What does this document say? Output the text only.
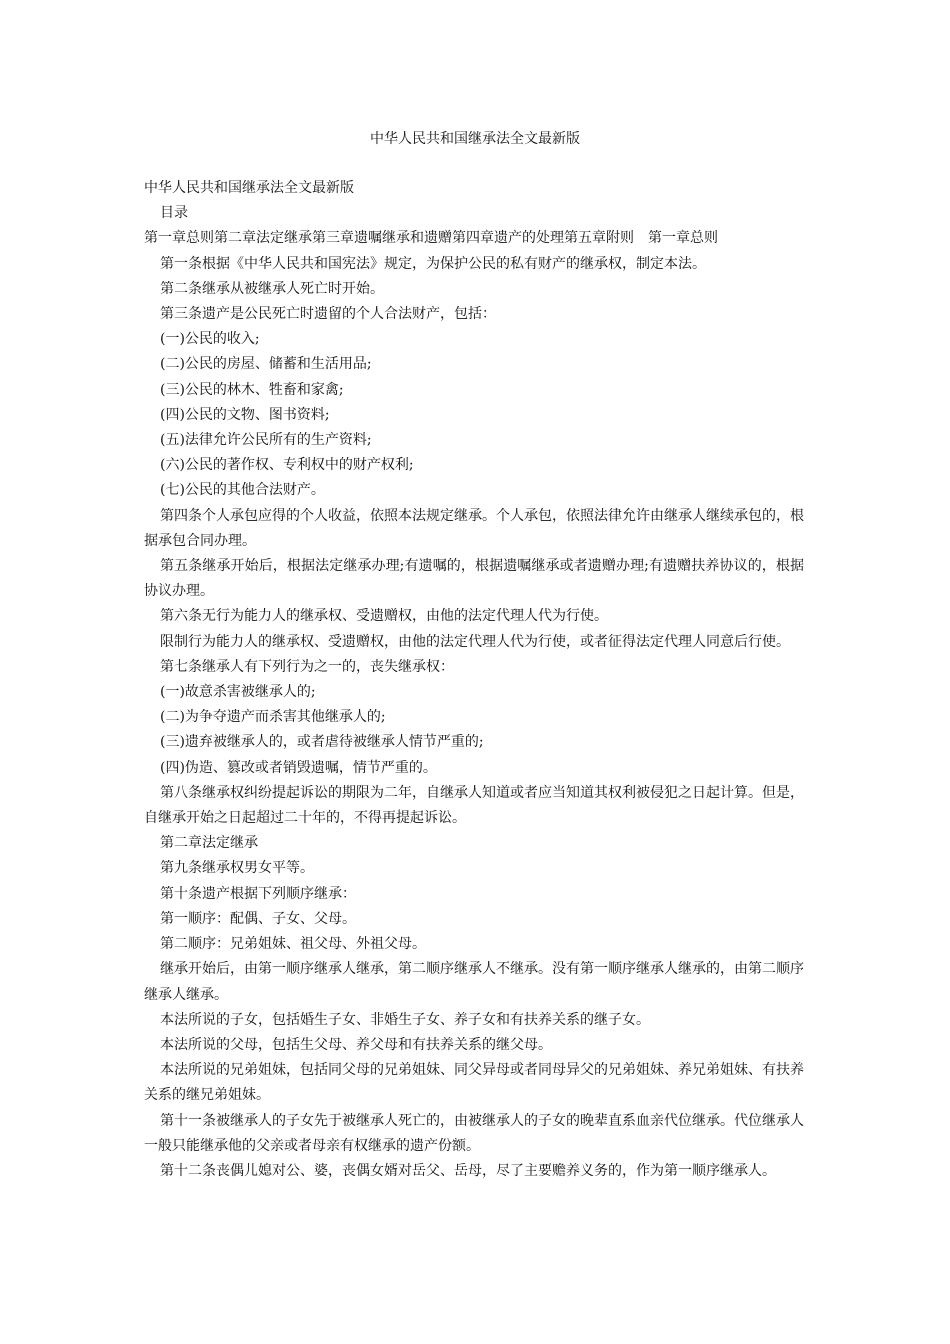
中华人民共和国继承法全文最新版

中华人民共和国继承法全文最新版

目录

第一章总则第二章法定继承第三章遗嘱继承和遗赠第四章遗产的处理第五章附则　第一章总则

第一条根据《中华人民共和国宪法》规定，为保护公民的私有财产的继承权，制定本法。

第二条继承从被继承人死亡时开始。

第三条遗产是公民死亡时遗留的个人合法财产，包括：

(一)公民的收入;

(二)公民的房屋、储蓄和生活用品;

(三)公民的林木、牲畜和家禽;

(四)公民的文物、图书资料;

(五)法律允许公民所有的生产资料;

(六)公民的著作权、专利权中的财产权利;

(七)公民的其他合法财产。

第四条个人承包应得的个人收益，依照本法规定继承。个人承包，依照法律允许由继承人继续承包的，根据承包合同办理。

第五条继承开始后，根据法定继承办理;有遗嘱的，根据遗嘱继承或者遗赠办理;有遗赠扶养协议的，根据协议办理。

第六条无行为能力人的继承权、受遗赠权，由他的法定代理人代为行使。

限制行为能力人的继承权、受遗赠权，由他的法定代理人代为行使，或者征得法定代理人同意后行使。

第七条继承人有下列行为之一的，丧失继承权：

(一)故意杀害被继承人的;

(二)为争夺遗产而杀害其他继承人的;

(三)遗弃被继承人的，或者虐待被继承人情节严重的;

(四)伪造、篡改或者销毁遗嘱，情节严重的。

第八条继承权纠纷提起诉讼的期限为二年，自继承人知道或者应当知道其权利被侵犯之日起计算。但是，自继承开始之日起超过二十年的，不得再提起诉讼。

第二章法定继承

第九条继承权男女平等。

第十条遗产根据下列顺序继承：

第一顺序：配偶、子女、父母。

第二顺序：兄弟姐妹、祖父母、外祖父母。

继承开始后，由第一顺序继承人继承，第二顺序继承人不继承。没有第一顺序继承人继承的，由第二顺序继承人继承。

本法所说的子女，包括婚生子女、非婚生子女、养子女和有扶养关系的继子女。

本法所说的父母，包括生父母、养父母和有扶养关系的继父母。

本法所说的兄弟姐妹，包括同父母的兄弟姐妹、同父异母或者同母异父的兄弟姐妹、养兄弟姐妹、有扶养关系的继兄弟姐妹。

第十一条被继承人的子女先于被继承人死亡的，由被继承人的子女的晚辈直系血亲代位继承。代位继承人一般只能继承他的父亲或者母亲有权继承的遗产份额。

第十二条丧偶儿媳对公、婆，丧偶女婿对岳父、岳母，尽了主要赡养义务的，作为第一顺序继承人。
